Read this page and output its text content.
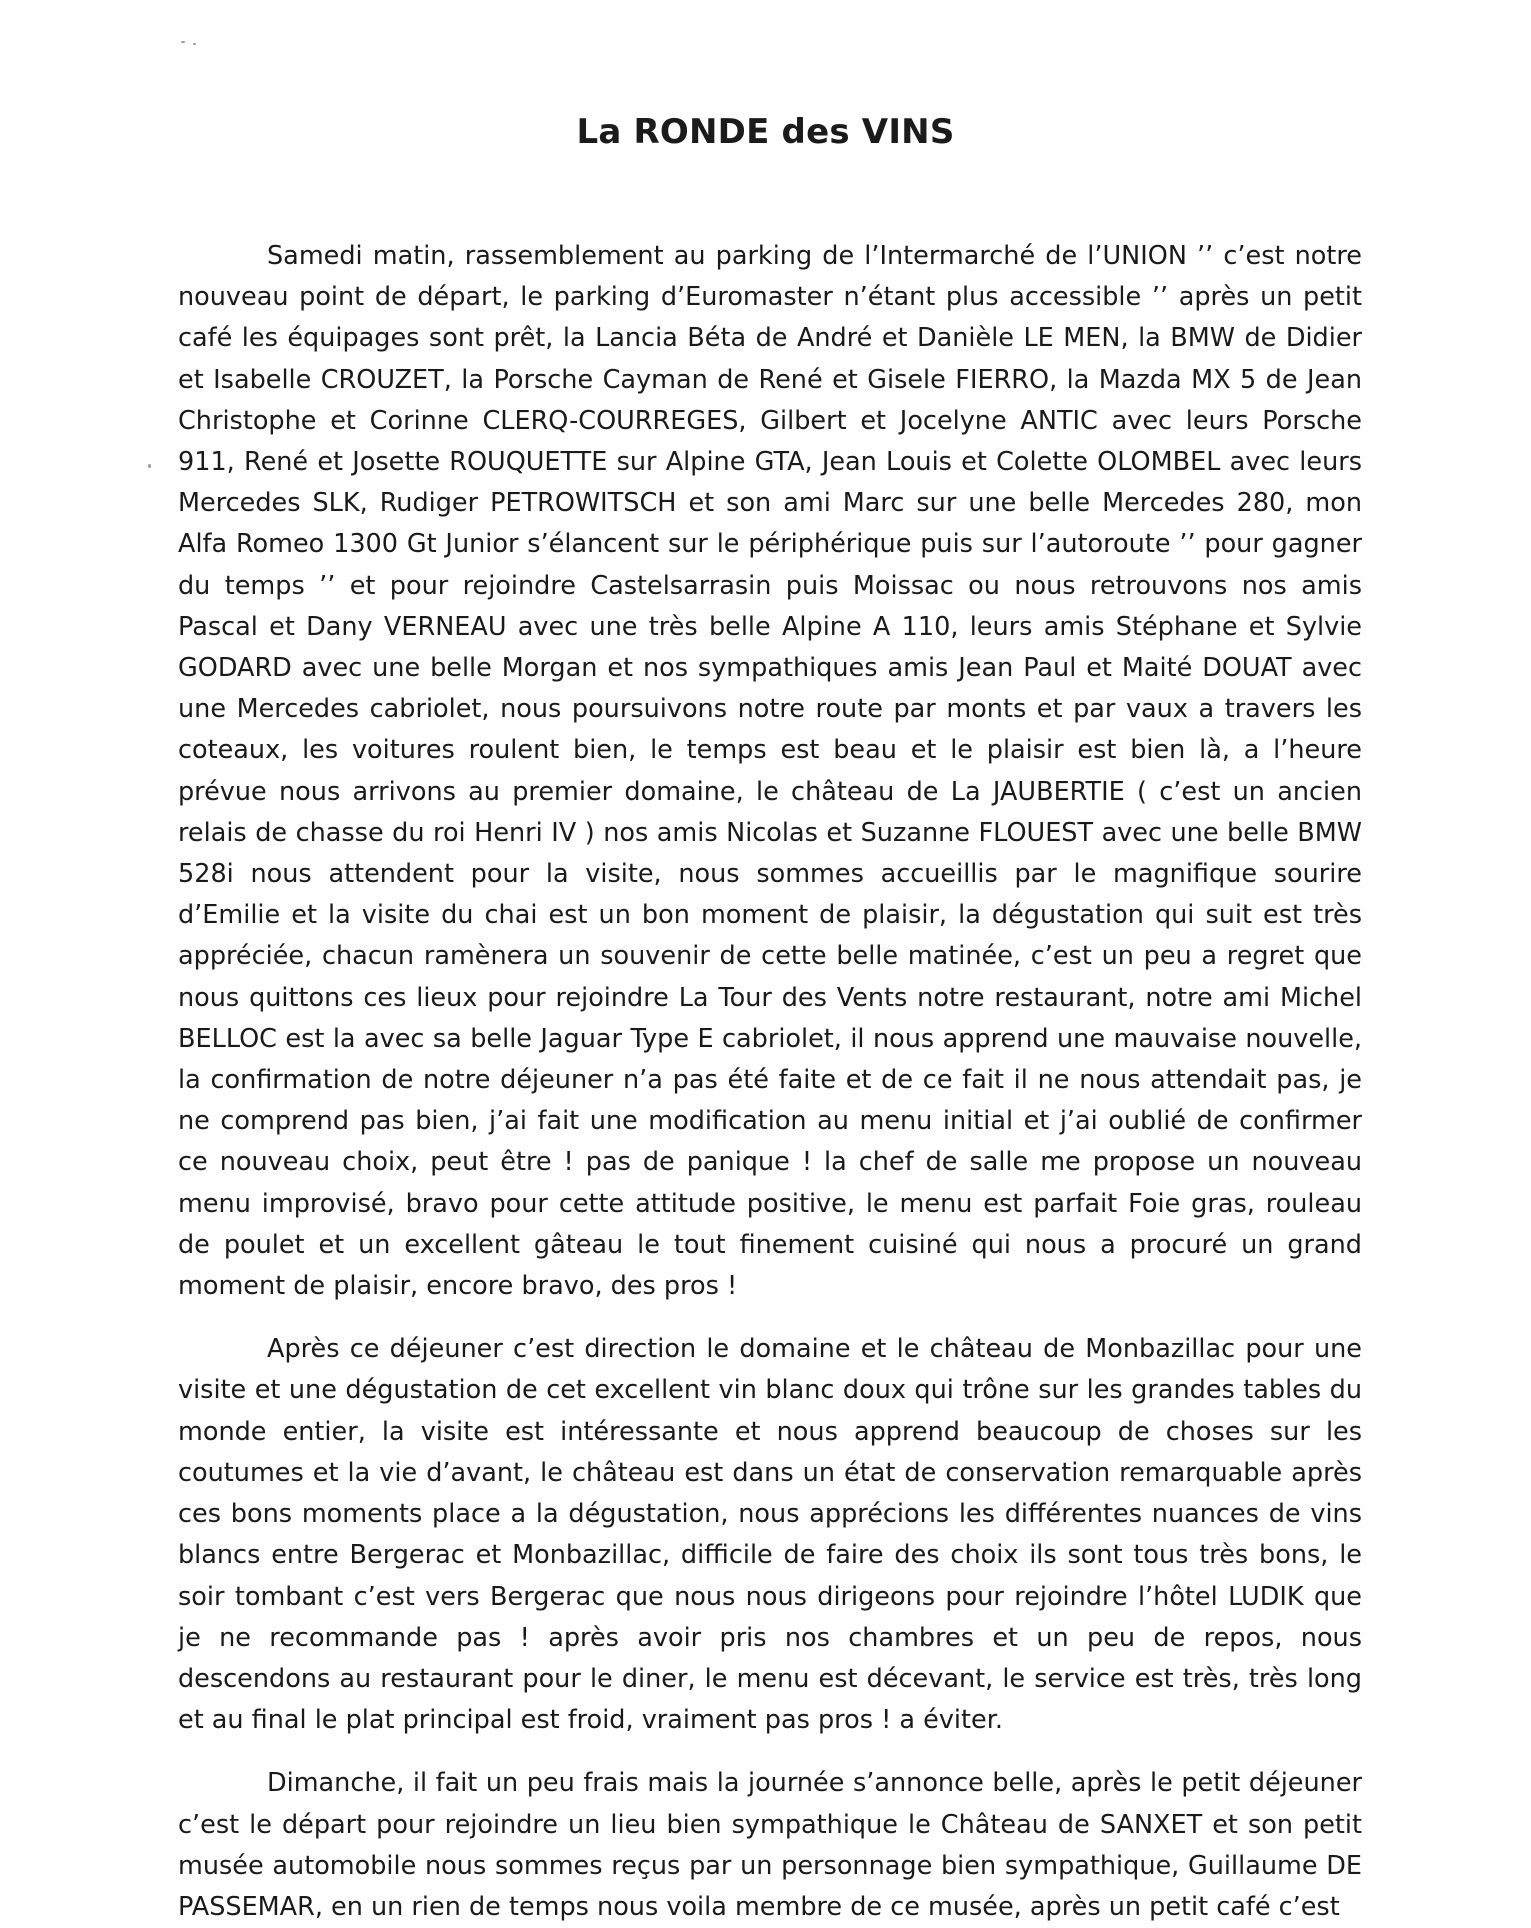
La RONDE des VINS

Samedi matin, rassemblement au parking de l’Intermarché de l’UNION ’’ c’est notre nouveau point de départ, le parking d’Euromaster n’étant plus accessible ’’ après un petit café les équipages sont prêt, la Lancia Béta de André et Danièle LE MEN, la BMW de Didier et Isabelle CROUZET, la Porsche Cayman de René et Gisele FIERRO, la Mazda MX 5 de Jean Christophe et Corinne CLERQ-COURREGES, Gilbert et Jocelyne ANTIC avec leurs Porsche 911, René et Josette ROUQUETTE sur Alpine GTA, Jean Louis et Colette OLOMBEL avec leurs Mercedes SLK, Rudiger PETROWITSCH et son ami Marc sur une belle Mercedes 280, mon Alfa Romeo 1300 Gt Junior s’élancent sur le périphérique puis sur l’autoroute ’’ pour gagner du temps ’’ et pour rejoindre Castelsarrasin puis Moissac ou nous retrouvons nos amis Pascal et Dany VERNEAU avec une très belle Alpine A 110, leurs amis Stéphane et Sylvie GODARD avec une belle Morgan et nos sympathiques amis Jean Paul et Maité DOUAT avec une Mercedes cabriolet, nous poursuivons notre route par monts et par vaux a travers les coteaux, les voitures roulent bien, le temps est beau et le plaisir est bien là, a l’heure prévue nous arrivons au premier domaine, le château de La JAUBERTIE ( c’est un ancien relais de chasse du roi Henri IV ) nos amis Nicolas et Suzanne FLOUEST avec une belle BMW 528i nous attendent pour la visite, nous sommes accueillis par le magnifique sourire d’Emilie et la visite du chai est un bon moment de plaisir, la dégustation qui suit est très appréciée, chacun ramènera un souvenir de cette belle matinée, c’est un peu a regret que nous quittons ces lieux pour rejoindre La Tour des Vents notre restaurant, notre ami Michel BELLOC est la avec sa belle Jaguar Type E cabriolet, il nous apprend une mauvaise nouvelle, la confirmation de notre déjeuner n’a pas été faite et de ce fait il ne nous attendait pas, je ne comprend pas bien, j’ai fait une modification au menu initial et j’ai oublié de confirmer ce nouveau choix, peut être ! pas de panique ! la chef de salle me propose un nouveau menu improvisé, bravo pour cette attitude positive, le menu est parfait Foie gras, rouleau de poulet et un excellent gâteau le tout finement cuisiné qui nous a procuré un grand moment de plaisir, encore bravo, des pros !

Après ce déjeuner c’est direction le domaine et le château de Monbazillac pour une visite et une dégustation de cet excellent vin blanc doux qui trône sur les grandes tables du monde entier, la visite est intéressante et nous apprend beaucoup de choses sur les coutumes et la vie d’avant, le château est dans un état de conservation remarquable après ces bons moments place a la dégustation, nous apprécions les différentes nuances de vins blancs entre Bergerac et Monbazillac, difficile de faire des choix ils sont tous très bons, le soir tombant c’est vers Bergerac que nous nous dirigeons pour rejoindre l’hôtel LUDIK que je ne recommande pas ! après avoir pris nos chambres et un peu de repos, nous descendons au restaurant pour le diner, le menu est décevant, le service est très, très long et au final le plat principal est froid, vraiment pas pros ! a éviter.

Dimanche, il fait un peu frais mais la journée s’annonce belle, après le petit déjeuner c’est le départ pour rejoindre un lieu bien sympathique le Château de SANXET et son petit musée automobile nous sommes reçus par un personnage bien sympathique, Guillaume DE PASSEMAR, en un rien de temps nous voila membre de ce musée, après un petit café c’est
